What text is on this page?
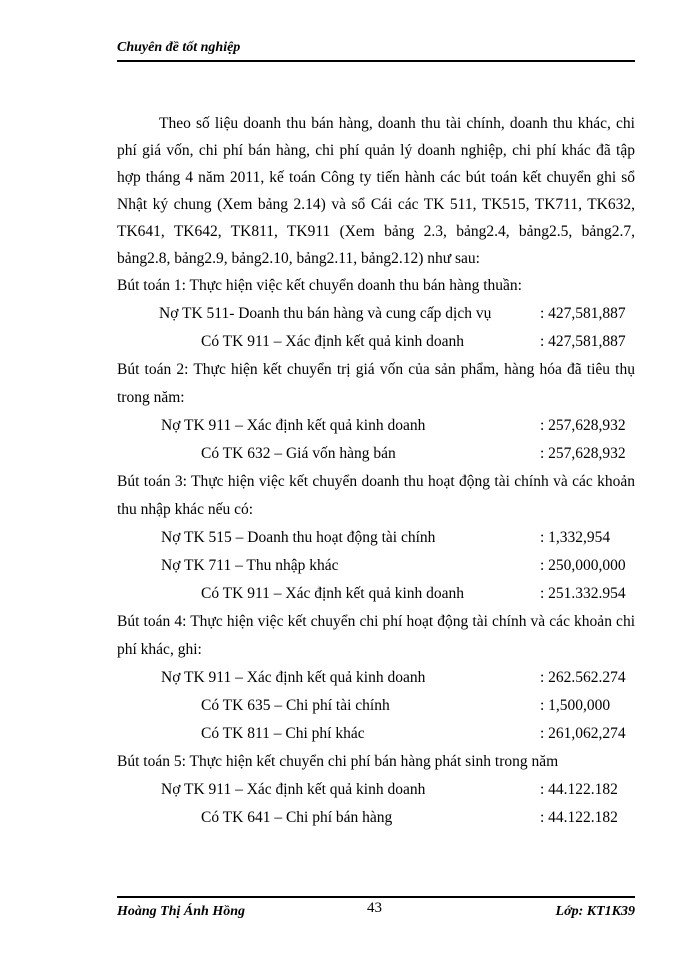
Chuyên đề tốt nghiệp

Theo số liệu doanh thu bán hàng, doanh thu tài chính, doanh thu khác, chi phí giá vốn, chi phí bán hàng, chi phí quản lý doanh nghiệp, chi phí khác đã tập hợp tháng 4 năm 2011, kế toán Công ty tiến hành các bút toán kết chuyển ghi sổ Nhật ký chung (Xem bảng 2.14) và sổ Cái các TK 511, TK515, TK711, TK632, TK641, TK642, TK811, TK911 (Xem bảng 2.3, bảng2.4, bảng2.5, bảng2.7, bảng2.8, bảng2.9, bảng2.10, bảng2.11, bảng2.12) như sau:

Bút toán 1: Thực hiện việc kết chuyển doanh thu bán hàng thuần:

Nợ TK 511- Doanh thu bán hàng và cung cấp dịch vụ	: 427,581,887
Có TK 911 – Xác định kết quả kinh doanh	: 427,581,887

Bút toán 2: Thực hiện kết chuyển trị giá vốn của sản phẩm, hàng hóa đã tiêu thụ trong năm:

Nợ TK 911 – Xác định kết quả kinh doanh	: 257,628,932
Có TK 632 – Giá vốn hàng bán	: 257,628,932

Bút toán 3: Thực hiện việc kết chuyển doanh thu hoạt động tài chính và các khoản thu nhập khác nếu có:

Nợ TK 515 – Doanh thu hoạt động tài chính	: 1,332,954
Nợ TK 711 – Thu nhập khác	: 250,000,000
Có TK 911 – Xác định kết quả kinh doanh	: 251.332.954

Bút toán 4: Thực hiện việc kết chuyển chi phí hoạt động tài chính và các khoản chi phí khác, ghi:

Nợ TK 911 – Xác định kết quả kinh doanh	: 262.562.274
Có TK 635 – Chi phí tài chính	: 1,500,000
Có TK 811 – Chi phí khác	: 261,062,274

Bút toán 5: Thực hiện kết chuyển chi phí bán hàng phát sinh trong năm

Nợ TK 911 – Xác định kết quả kinh doanh	: 44.122.182
Có TK 641 – Chi phí bán hàng	: 44.122.182
Hoàng Thị Ánh Hồng	43	Lớp: KT1K39
